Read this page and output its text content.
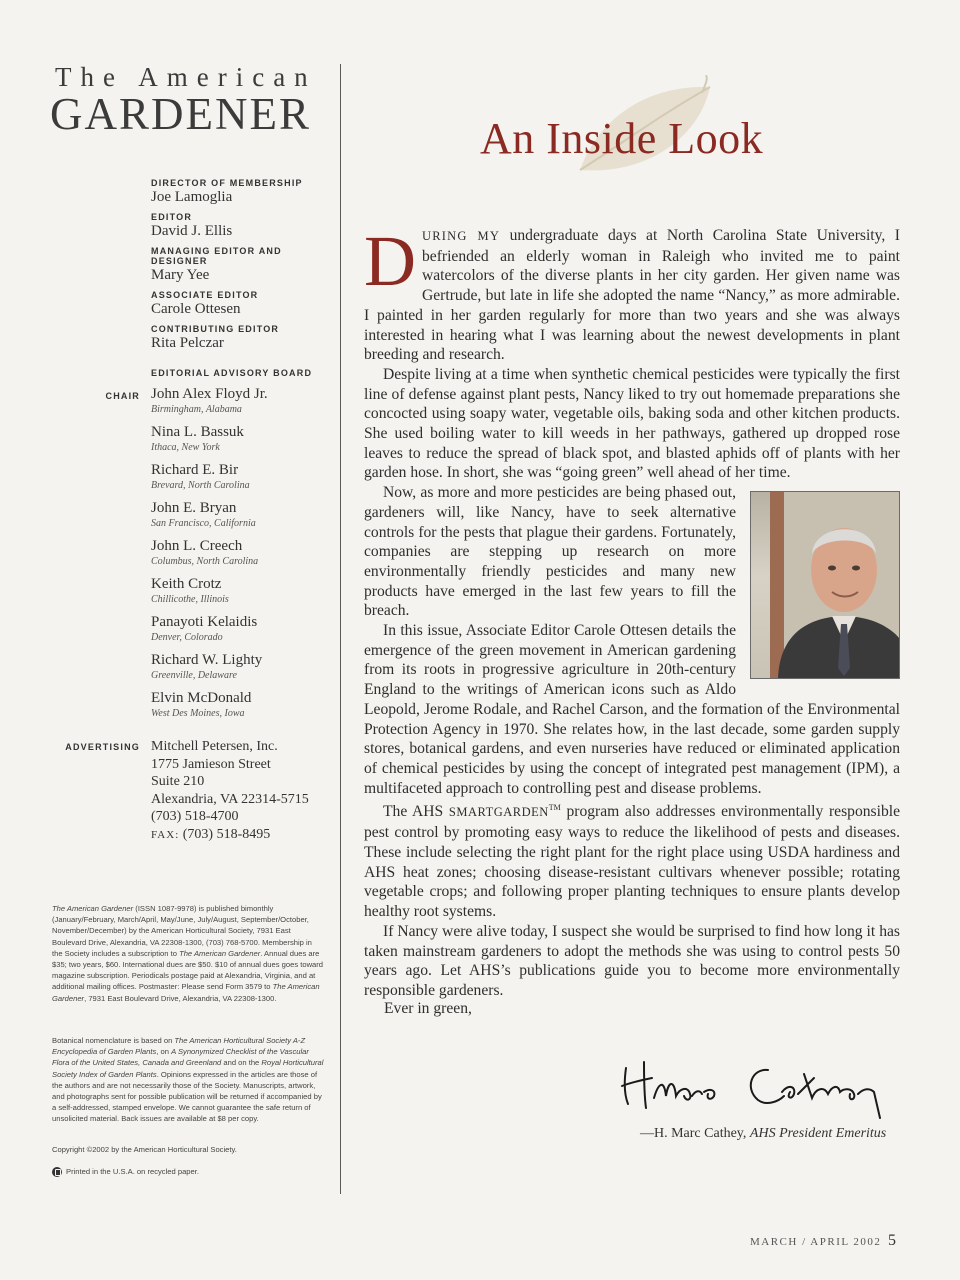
The American
GARDENER
DIRECTOR OF MEMBERSHIP
Joe Lamoglia
EDITOR
David J. Ellis
MANAGING EDITOR AND DESIGNER
Mary Yee
ASSOCIATE EDITOR
Carole Ottesen
CONTRIBUTING EDITOR
Rita Pelczar
CHAIR
EDITORIAL ADVISORY BOARD
John Alex Floyd Jr.
Birmingham, Alabama
Nina L. Bassuk
Ithaca, New York
Richard E. Bir
Brevard, North Carolina
John E. Bryan
San Francisco, California
John L. Creech
Columbus, North Carolina
Keith Crotz
Chillicothe, Illinois
Panayoti Kelaidis
Denver, Colorado
Richard W. Lighty
Greenville, Delaware
Elvin McDonald
West Des Moines, Iowa
ADVERTISING Mitchell Petersen, Inc.
1775 Jamieson Street
Suite 210
Alexandria, VA 22314-5715
(703) 518-4700
FAX: (703) 518-8495
The American Gardener (ISSN 1087-9978) is published bimonthly (January/February, March/April, May/June, July/August, September/October, November/December) by the American Horticultural Society, 7931 East Boulevard Drive, Alexandria, VA 22308-1300, (703) 768-5700. Membership in the Society includes a subscription to The American Gardener. Annual dues are $35; two years, $60. International dues are $50. $10 of annual dues goes toward magazine subscription. Periodicals postage paid at Alexandria, Virginia, and at additional mailing offices. Postmaster: Please send Form 3579 to The American Gardener, 7931 East Boulevard Drive, Alexandria, VA 22308-1300.
Botanical nomenclature is based on The American Horticultural Society A-Z Encyclopedia of Garden Plants, on A Synonymized Checklist of the Vascular Flora of the United States, Canada and Greenland and on the Royal Horticultural Society Index of Garden Plants. Opinions expressed in the articles are those of the authors and are not necessarily those of the Society. Manuscripts, artwork, and photographs sent for possible publication will be returned if accompanied by a self-addressed, stamped envelope. We cannot guarantee the safe return of unsolicited material. Back issues are available at $8 per copy.
Copyright ©2002 by the American Horticultural Society.
Printed in the U.S.A. on recycled paper.
An Inside Look

DURING MY undergraduate days at North Carolina State University, I befriended an elderly woman in Raleigh who invited me to paint watercolors of the diverse plants in her city garden. Her given name was Gertrude, but late in life she adopted the name “Nancy,” as more admirable. I painted in her garden regularly for more than two years and she was always interested in hearing what I was learning about the newest developments in plant breeding and research.

Despite living at a time when synthetic chemical pesticides were typically the first line of defense against plant pests, Nancy liked to try out homemade preparations she concocted using soapy water, vegetable oils, baking soda and other kitchen products. She used boiling water to kill weeds in her pathways, gathered up dropped rose leaves to reduce the spread of black spot, and blasted aphids off of plants with her garden hose. In short, she was “going green” well ahead of her time.

Now, as more and more pesticides are being phased out, gardeners will, like Nancy, have to seek alternative controls for the pests that plague their gardens. Fortunately, companies are stepping up research on more environmentally friendly pesticides and many new products have emerged in the last few years to fill the breach.

In this issue, Associate Editor Carole Ottesen details the emergence of the green movement in American gardening from its roots in progressive agriculture in 20th-century England to the writings of American icons such as Aldo Leopold, Jerome Rodale, and Rachel Carson, and the formation of the Environmental Protection Agency in 1970. She relates how, in the last decade, some garden supply stores, botanical gardens, and even nurseries have reduced or eliminated application of chemical pesticides by using the concept of integrated pest management (IPM), a multifaceted approach to controlling pest and disease problems.

The AHS SMARTGARDEN™ program also addresses environmentally responsible pest control by promoting easy ways to reduce the likelihood of pests and diseases. These include selecting the right plant for the right place using USDA hardiness and AHS heat zones; choosing disease-resistant cultivars whenever possible; rotating vegetable crops; and following proper planting techniques to ensure plants develop healthy root systems.

If Nancy were alive today, I suspect she would be surprised to find how long it has taken mainstream gardeners to adopt the methods she was using to control pests 50 years ago. Let AHS’s publications guide you to become more environmentally responsible gardeners.

Ever in green,
—H. Marc Cathey, AHS President Emeritus
MARCH / APRIL 2002 5
